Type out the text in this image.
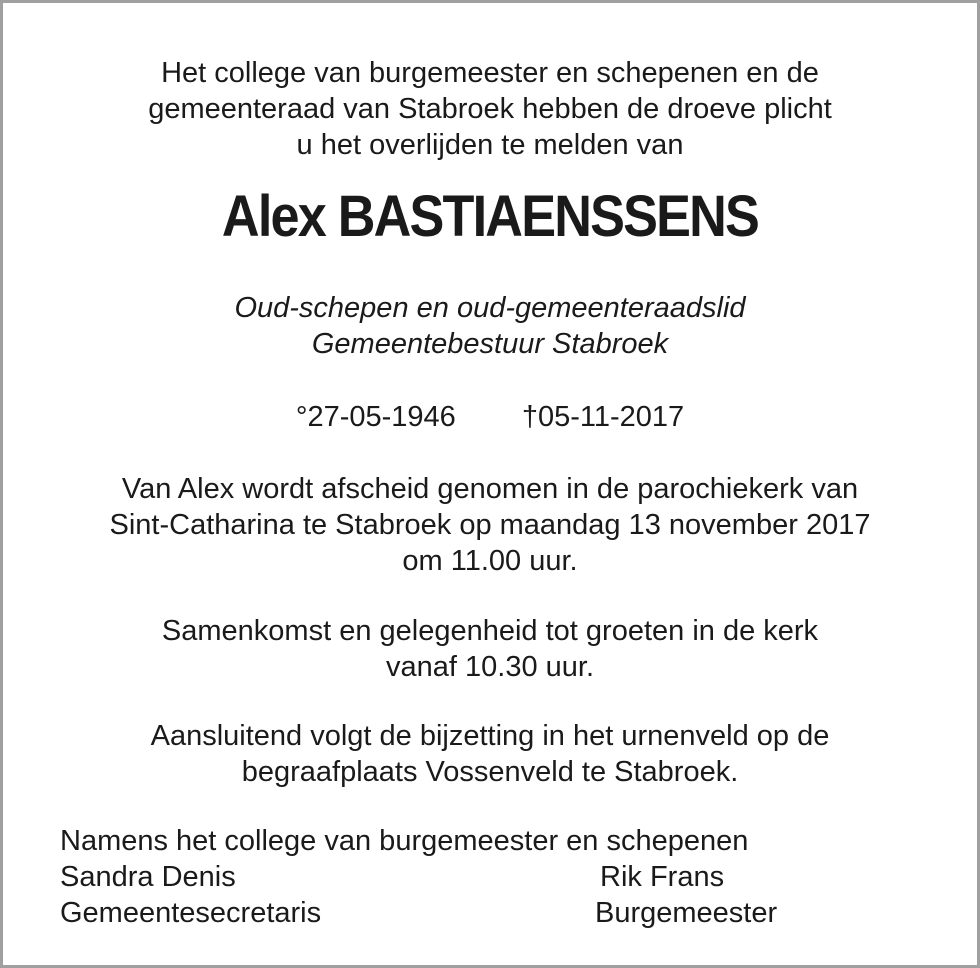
Het college van burgemeester en schepenen en de
gemeenteraad van Stabroek hebben de droeve plicht
u het overlijden te melden van
Alex BASTIAENSSENS
Oud-schepen en oud-gemeenteraadslid
Gemeentebestuur Stabroek
°27-05-1946 †05-11-2017
Van Alex wordt afscheid genomen in de parochiekerk van
Sint-Catharina te Stabroek op maandag 13 november 2017
om 11.00 uur.
Samenkomst en gelegenheid tot groeten in de kerk
vanaf 10.30 uur.
Aansluitend volgt de bijzetting in het urnenveld op de
begraafplaats Vossenveld te Stabroek.
Namens het college van burgemeester en schepenen
Sandra Denis
Gemeentesecretaris
Rik Frans
Burgemeester
